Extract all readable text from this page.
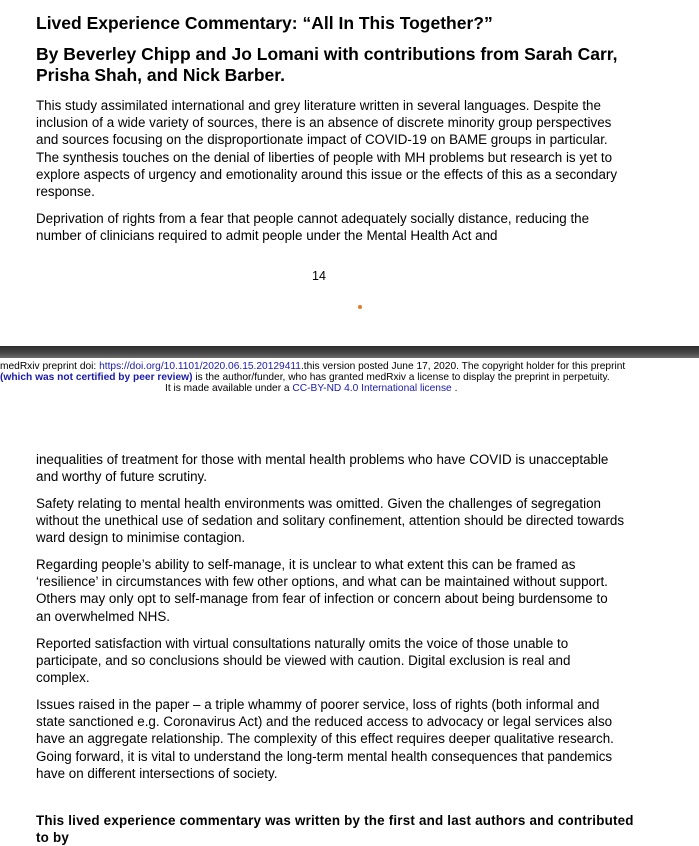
Lived Experience Commentary: “All In This Together?”
By Beverley Chipp and Jo Lomani with contributions from Sarah Carr, Prisha Shah, and Nick Barber.

This study assimilated international and grey literature written in several languages. Despite the inclusion of a wide variety of sources, there is an absence of discrete minority group perspectives and sources focusing on the disproportionate impact of COVID-19 on BAME groups in particular. The synthesis touches on the denial of liberties of people with MH problems but research is yet to explore aspects of urgency and emotionality around this issue or the effects of this as a secondary response.

Deprivation of rights from a fear that people cannot adequately socially distance, reducing the number of clinicians required to admit people under the Mental Health Act and

14
medRxiv preprint doi: https://doi.org/10.1101/2020.06.15.20129411.this version posted June 17, 2020. The copyright holder for this preprint
(which was not certified by peer review) is the author/funder, who has granted medRxiv a license to display the preprint in perpetuity.
It is made available under a CC-BY-ND 4.0 International license .

inequalities of treatment for those with mental health problems who have COVID is unacceptable and worthy of future scrutiny.

Safety relating to mental health environments was omitted. Given the challenges of segregation without the unethical use of sedation and solitary confinement, attention should be directed towards ward design to minimise contagion.

Regarding people’s ability to self-manage, it is unclear to what extent this can be framed as ‘resilience’ in circumstances with few other options, and what can be maintained without support. Others may only opt to self-manage from fear of infection or concern about being burdensome to an overwhelmed NHS.

Reported satisfaction with virtual consultations naturally omits the voice of those unable to participate, and so conclusions should be viewed with caution. Digital exclusion is real and complex.

Issues raised in the paper – a triple whammy of poorer service, loss of rights (both informal and state sanctioned e.g. Coronavirus Act) and the reduced access to advocacy or legal services also have an aggregate relationship. The complexity of this effect requires deeper qualitative research. Going forward, it is vital to understand the long-term mental health consequences that pandemics have on different intersections of society.

This lived experience commentary was written by the first and last authors and contributed to by
